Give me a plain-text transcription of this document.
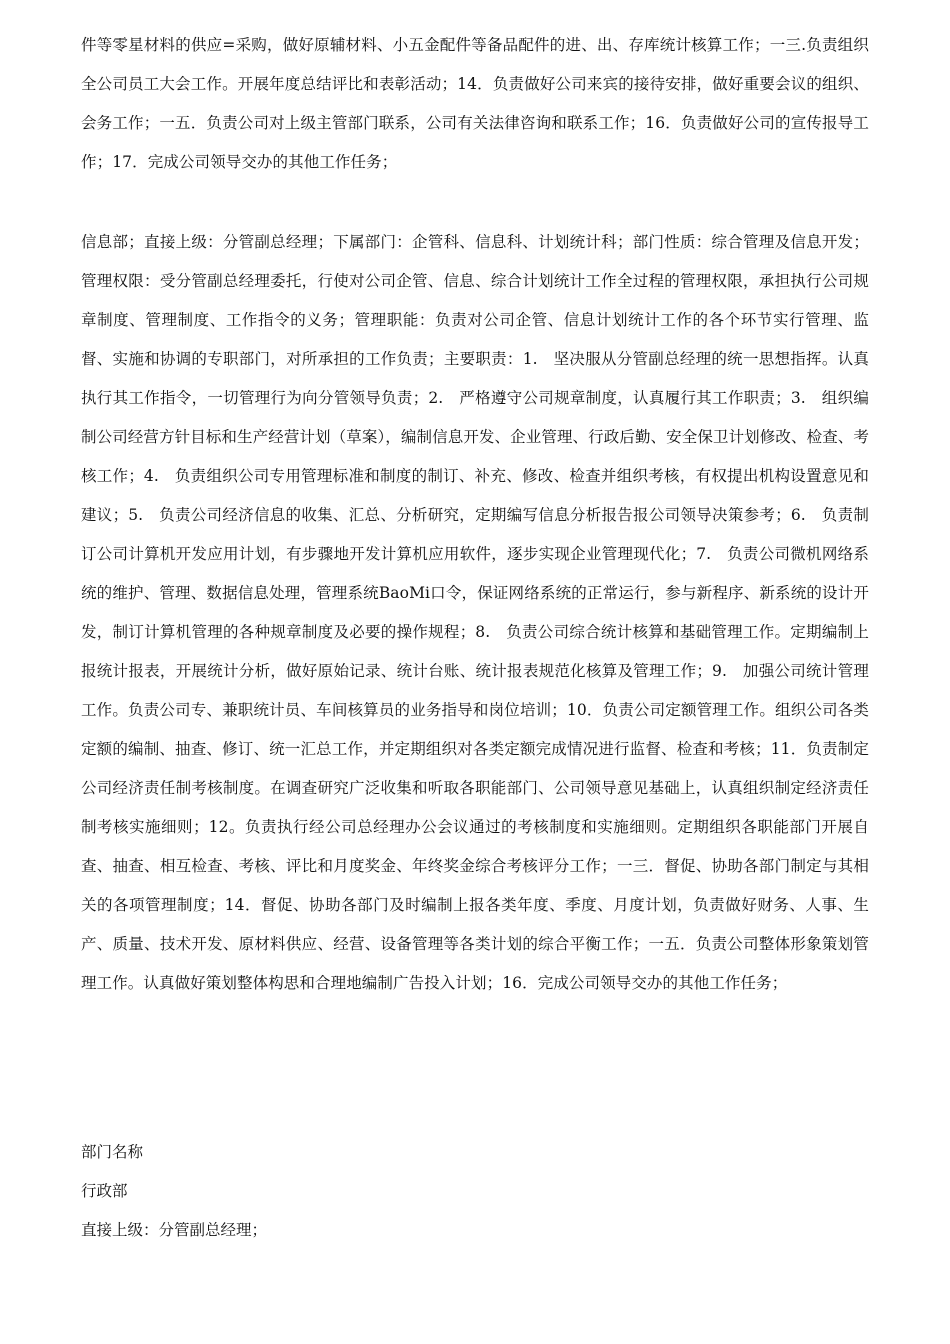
件等零星材料的供应=采购，做好原辅材料、小五金配件等备品配件的进、出、存库统计核算工作；一三.负责组织全公司员工大会工作。开展年度总结评比和表彰活动；14．负责做好公司来宾的接待安排，做好重要会议的组织、会务工作；一五．负责公司对上级主管部门联系，公司有关法律咨询和联系工作；16．负责做好公司的宣传报导工作；17．完成公司领导交办的其他工作任务；

信息部；直接上级：分管副总经理；下属部门：企管科、信息科、计划统计科；部门性质：综合管理及信息开发；管理权限：受分管副总经理委托，行使对公司企管、信息、综合计划统计工作全过程的管理权限，承担执行公司规章制度、管理制度、工作指令的义务；管理职能：负责对公司企管、信息计划统计工作的各个环节实行管理、监督、实施和协调的专职部门，对所承担的工作负责；主要职责：1.　坚决服从分管副总经理的统一思想指挥。认真执行其工作指令，一切管理行为向分管领导负责；2.　严格遵守公司规章制度，认真履行其工作职责；3.　组织编制公司经营方针目标和生产经营计划（草案），编制信息开发、企业管理、行政后勤、安全保卫计划修改、检查、考核工作；4.　负责组织公司专用管理标准和制度的制订、补充、修改、检查并组织考核，有权提出机构设置意见和建议；5.　负责公司经济信息的收集、汇总、分析研究，定期编写信息分析报告报公司领导决策参考；6.　负责制订公司计算机开发应用计划，有步骤地开发计算机应用软件，逐步实现企业管理现代化；7.　负责公司微机网络系统的维护、管理、数据信息处理，管理系统BaoMi口令，保证网络系统的正常运行，参与新程序、新系统的设计开发，制订计算机管理的各种规章制度及必要的操作规程；8.　负责公司综合统计核算和基础管理工作。定期编制上报统计报表，开展统计分析，做好原始记录、统计台账、统计报表规范化核算及管理工作；9.　加强公司统计管理工作。负责公司专、兼职统计员、车间核算员的业务指导和岗位培训；10．负责公司定额管理工作。组织公司各类定额的编制、抽查、修订、统一汇总工作，并定期组织对各类定额完成情况进行监督、检查和考核；11．负责制定公司经济责任制考核制度。在调查研究广泛收集和听取各职能部门、公司领导意见基础上，认真组织制定经济责任制考核实施细则；12。负责执行经公司总经理办公会议通过的考核制度和实施细则。定期组织各职能部门开展自查、抽查、相互检查、考核、评比和月度奖金、年终奖金综合考核评分工作；一三．督促、协助各部门制定与其相关的各项管理制度；14．督促、协助各部门及时编制上报各类年度、季度、月度计划，负责做好财务、人事、生产、质量、技术开发、原材料供应、经营、设备管理等各类计划的综合平衡工作；一五．负责公司整体形象策划管理工作。认真做好策划整体构思和合理地编制广告投入计划；16．完成公司领导交办的其他工作任务；

部门名称

行政部

直接上级：分管副总经理；
